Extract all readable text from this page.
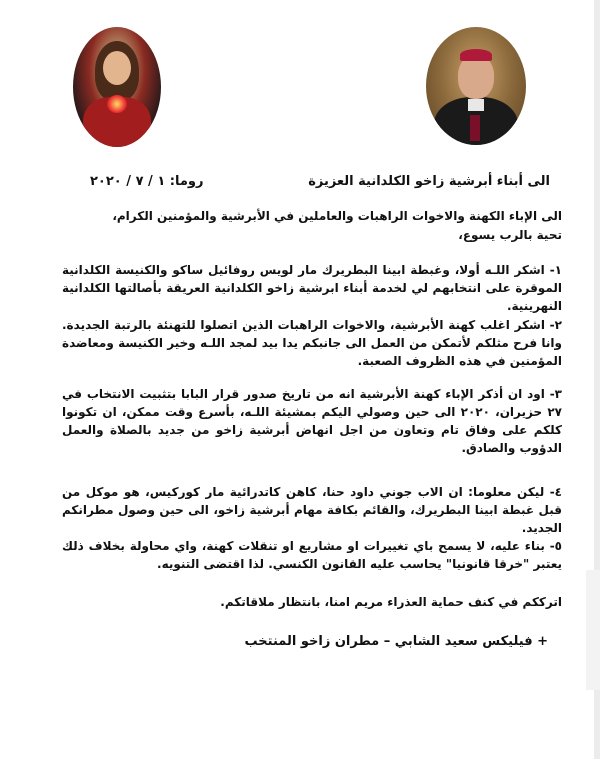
روما: ١ / ٧ / ٢٠٢٠	الى أبناء أبرشية زاخو الكلدانية العزيزة
الى الإباء الكهنة والاخوات الراهبات والعاملين في الأبرشية والمؤمنين الكرام،
تحية بالرب يسوع،
١- اشكر اللـه أولا، وغبطة ابينا البطريرك مار لويس روفائيل ساكو والكنيسة الكلدانية الموقرة على انتخابهم لي لخدمة أبناء ابرشية زاخو الكلدانية العريقة بأصالتها الكلدانية النهرينية.
٢- اشكر اغلب كهنة الأبرشية، والاخوات الراهبات الذين اتصلوا للتهنئة بالرتبة الجديدة. وانا فرح مثلكم لأتمكن من العمل الى جانبكم يدا بيد لمجد اللـه وخير الكنيسة ومعاضدة المؤمنين في هذه الظروف الصعبة.
٣- اود ان أذكر الإباء كهنة الأبرشية انه من تاريخ صدور قرار البابا بتثبيت الانتخاب في ٢٧ حزيران، ٢٠٢٠ الى حين وصولي اليكم بمشيئة اللـه، بأسرع وقت ممكن، ان تكونوا كلكم على وفاق تام وتعاون من اجل انهاض أبرشية زاخو من جديد بالصلاة والعمل الدؤوب والصادق.
٤- ليكن معلوما: ان الاب جوني داود حنا، كاهن كاتدرائية مار كوركيس، هو موكل من قبل غبطة ابينا البطريرك، والقائم بكافة مهام أبرشية زاخو، الى حين وصول مطرانكم الجديد.
٥- بناء عليه، لا يسمح باي تغييرات او مشاريع او تنقلات كهنة، واي محاولة بخلاف ذلك يعتبر "خرقا قانونيا" يحاسب عليه القانون الكنسي. لذا اقتضى التنويه.
اترككم في كنف حماية العذراء مريم امنا، بانتظار ملاقاتكم.
+ فيليكس سعيد الشابي – مطران زاخو المنتخب
